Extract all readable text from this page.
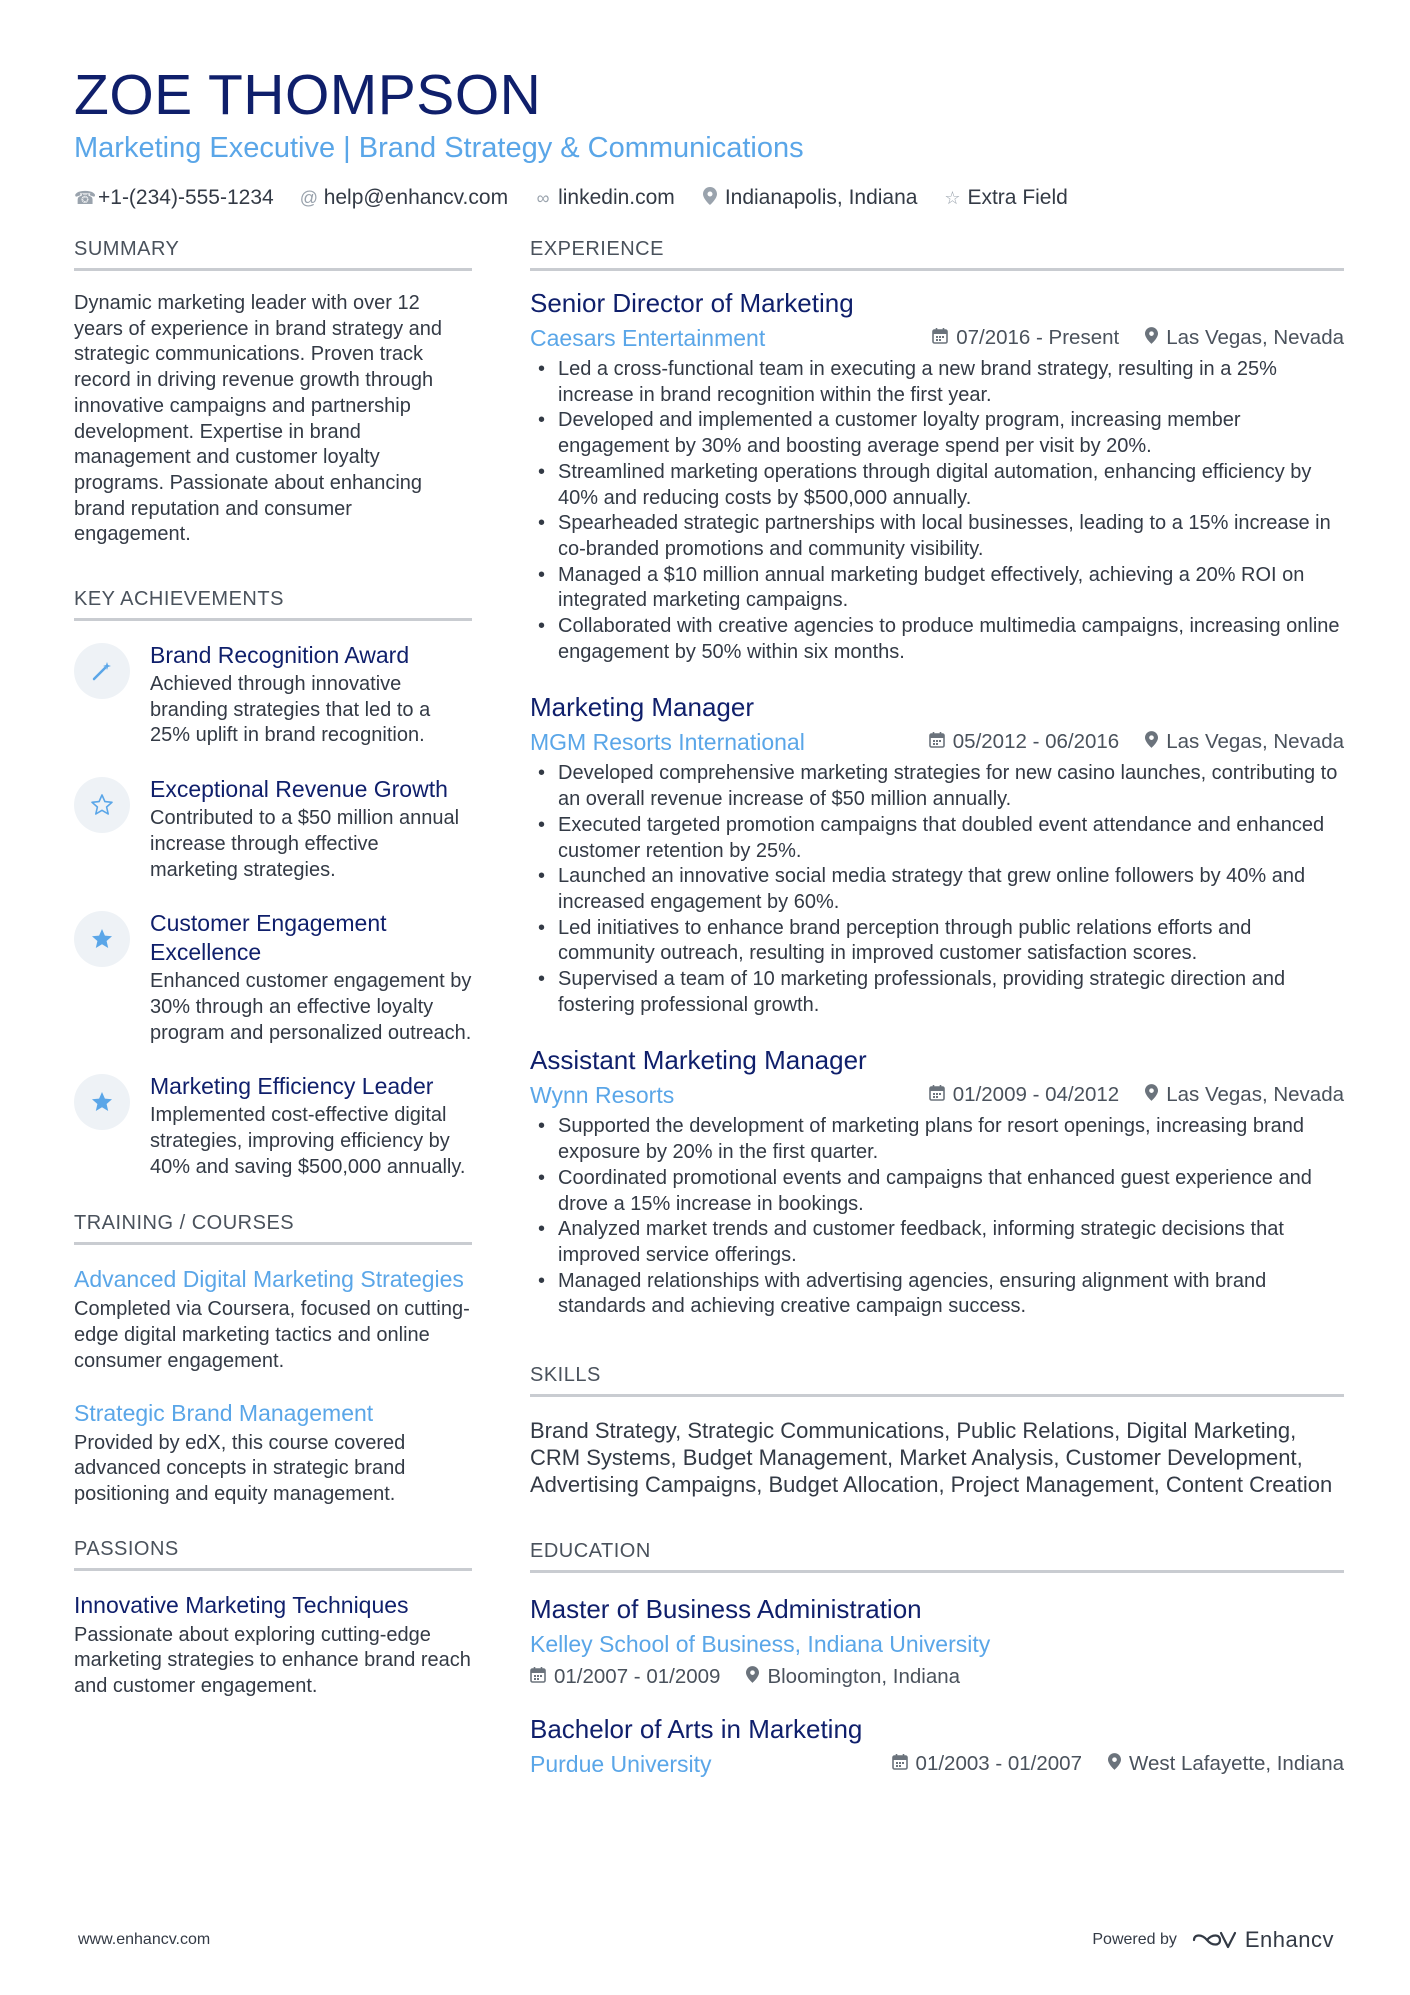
ZOE THOMPSON
Marketing Executive | Brand Strategy & Communications
☎ +1-(234)-555-1234 @ help@enhancv.com ∞ linkedin.com Indianapolis, Indiana ☆ Extra Field
SUMMARY

Dynamic marketing leader with over 12 years of experience in brand strategy and strategic communications. Proven track record in driving revenue growth through innovative campaigns and partnership development. Expertise in brand management and customer loyalty programs. Passionate about enhancing brand reputation and consumer engagement.

KEY ACHIEVEMENTS
Brand Recognition Award
Achieved through innovative branding strategies that led to a 25% uplift in brand recognition.
Exceptional Revenue Growth
Contributed to a $50 million annual increase through effective marketing strategies.
Customer Engagement Excellence
Enhanced customer engagement by 30% through an effective loyalty program and personalized outreach.
Marketing Efficiency Leader
Implemented cost-effective digital strategies, improving efficiency by 40% and saving $500,000 annually.
TRAINING / COURSES
Advanced Digital Marketing Strategies
Completed via Coursera, focused on cutting-edge digital marketing tactics and online consumer engagement.
Strategic Brand Management
Provided by edX, this course covered advanced concepts in strategic brand positioning and equity management.
PASSIONS
Innovative Marketing Techniques
Passionate about exploring cutting-edge marketing strategies to enhance brand reach and customer engagement.
EXPERIENCE
Senior Director of Marketing
Caesars Entertainment	07/2016 - Present Las Vegas, Nevada
• Led a cross-functional team in executing a new brand strategy, resulting in a 25% increase in brand recognition within the first year.
• Developed and implemented a customer loyalty program, increasing member engagement by 30% and boosting average spend per visit by 20%.
• Streamlined marketing operations through digital automation, enhancing efficiency by 40% and reducing costs by $500,000 annually.
• Spearheaded strategic partnerships with local businesses, leading to a 15% increase in co-branded promotions and community visibility.
• Managed a $10 million annual marketing budget effectively, achieving a 20% ROI on integrated marketing campaigns.
• Collaborated with creative agencies to produce multimedia campaigns, increasing online engagement by 50% within six months.
Marketing Manager
MGM Resorts International	05/2012 - 06/2016 Las Vegas, Nevada
• Developed comprehensive marketing strategies for new casino launches, contributing to an overall revenue increase of $50 million annually.
• Executed targeted promotion campaigns that doubled event attendance and enhanced customer retention by 25%.
• Launched an innovative social media strategy that grew online followers by 40% and increased engagement by 60%.
• Led initiatives to enhance brand perception through public relations efforts and community outreach, resulting in improved customer satisfaction scores.
• Supervised a team of 10 marketing professionals, providing strategic direction and fostering professional growth.
Assistant Marketing Manager
Wynn Resorts	01/2009 - 04/2012 Las Vegas, Nevada
• Supported the development of marketing plans for resort openings, increasing brand exposure by 20% in the first quarter.
• Coordinated promotional events and campaigns that enhanced guest experience and drove a 15% increase in bookings.
• Analyzed market trends and customer feedback, informing strategic decisions that improved service offerings.
• Managed relationships with advertising agencies, ensuring alignment with brand standards and achieving creative campaign success.
SKILLS

Brand Strategy, Strategic Communications, Public Relations, Digital Marketing, CRM Systems, Budget Management, Market Analysis, Customer Development, Advertising Campaigns, Budget Allocation, Project Management, Content Creation

EDUCATION
Master of Business Administration
Kelley School of Business, Indiana University
01/2007 - 01/2009 Bloomington, Indiana
Bachelor of Arts in Marketing
Purdue University	01/2003 - 01/2007 West Lafayette, Indiana
www.enhancv.com	Powered by	Enhancv
